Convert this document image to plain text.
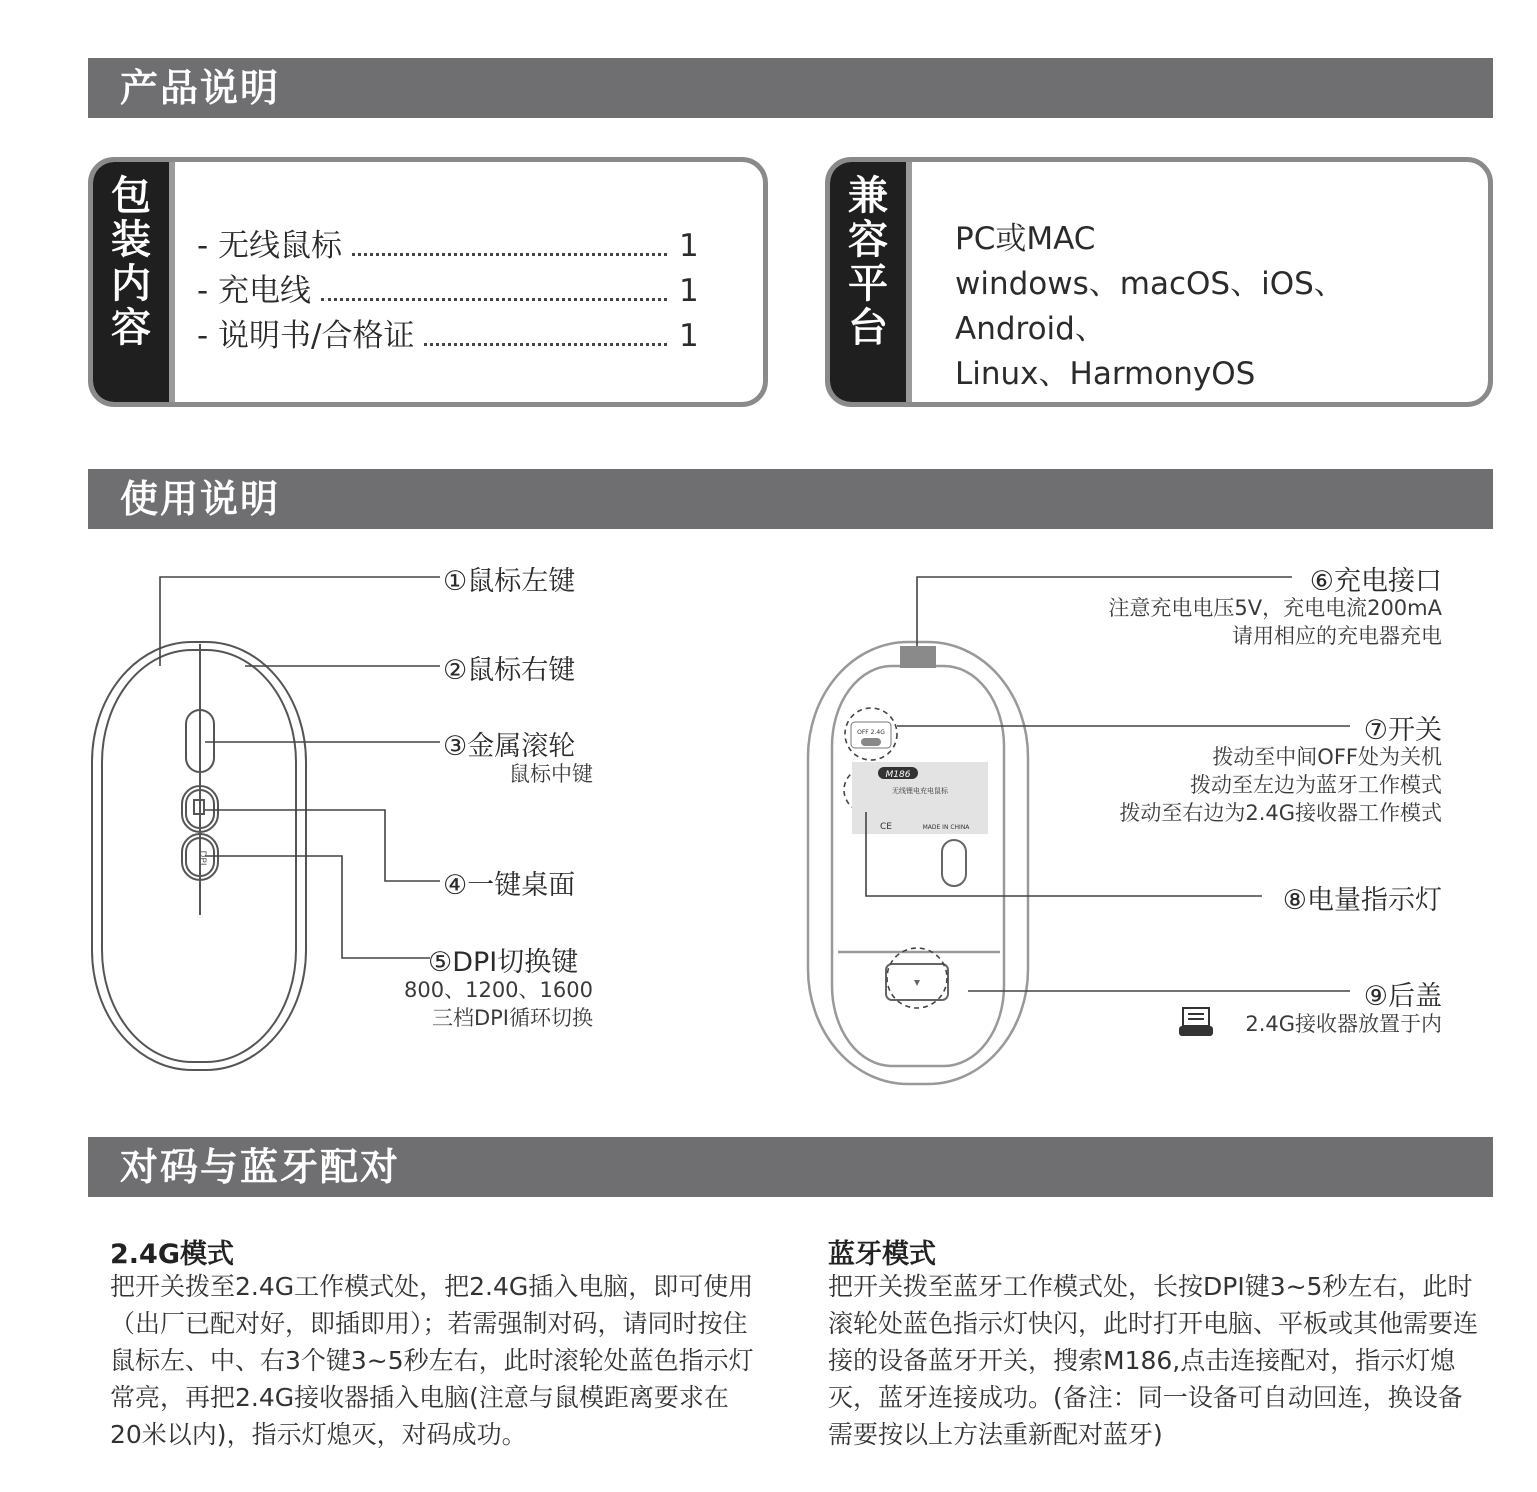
产品说明
包装内容
- 无线鼠标	1
- 充电线	1
- 说明书/合格证	1
兼容平台
PC或MAC
windows、macOS、iOS、Android、
Linux、HarmonyOS
使用说明
DPI
OFF 2.4G
M186
无线锂电充电鼠标
CE	MADE IN CHINA
①鼠标左键
②鼠标右键
③金属滚轮
鼠标中键
④一键桌面
⑤DPI切换键
800、1200、1600
三档DPI循环切换
⑥充电接口
注意充电电压5V，充电电流200mA
请用相应的充电器充电
⑦开关
拨动至中间OFF处为关机
拨动至左边为蓝牙工作模式
拨动至右边为2.4G接收器工作模式
⑧电量指示灯
⑨后盖
2.4G接收器放置于内
对码与蓝牙配对
2.4G模式
把开关拨至2.4G工作模式处，把2.4G插入电脑，即可使用（出厂已配对好，即插即用）；若需强制对码，请同时按住鼠标左、中、右3个键3~5秒左右，此时滚轮处蓝色指示灯常亮，再把2.4G接收器插入电脑(注意与鼠模距离要求在20米以内)，指示灯熄灭，对码成功。
蓝牙模式
把开关拨至蓝牙工作模式处，长按DPI键3~5秒左右，此时滚轮处蓝色指示灯快闪，此时打开电脑、平板或其他需要连接的设备蓝牙开关，搜索M186,点击连接配对，指示灯熄灭，蓝牙连接成功。(备注：同一设备可自动回连，换设备需要按以上方法重新配对蓝牙)
